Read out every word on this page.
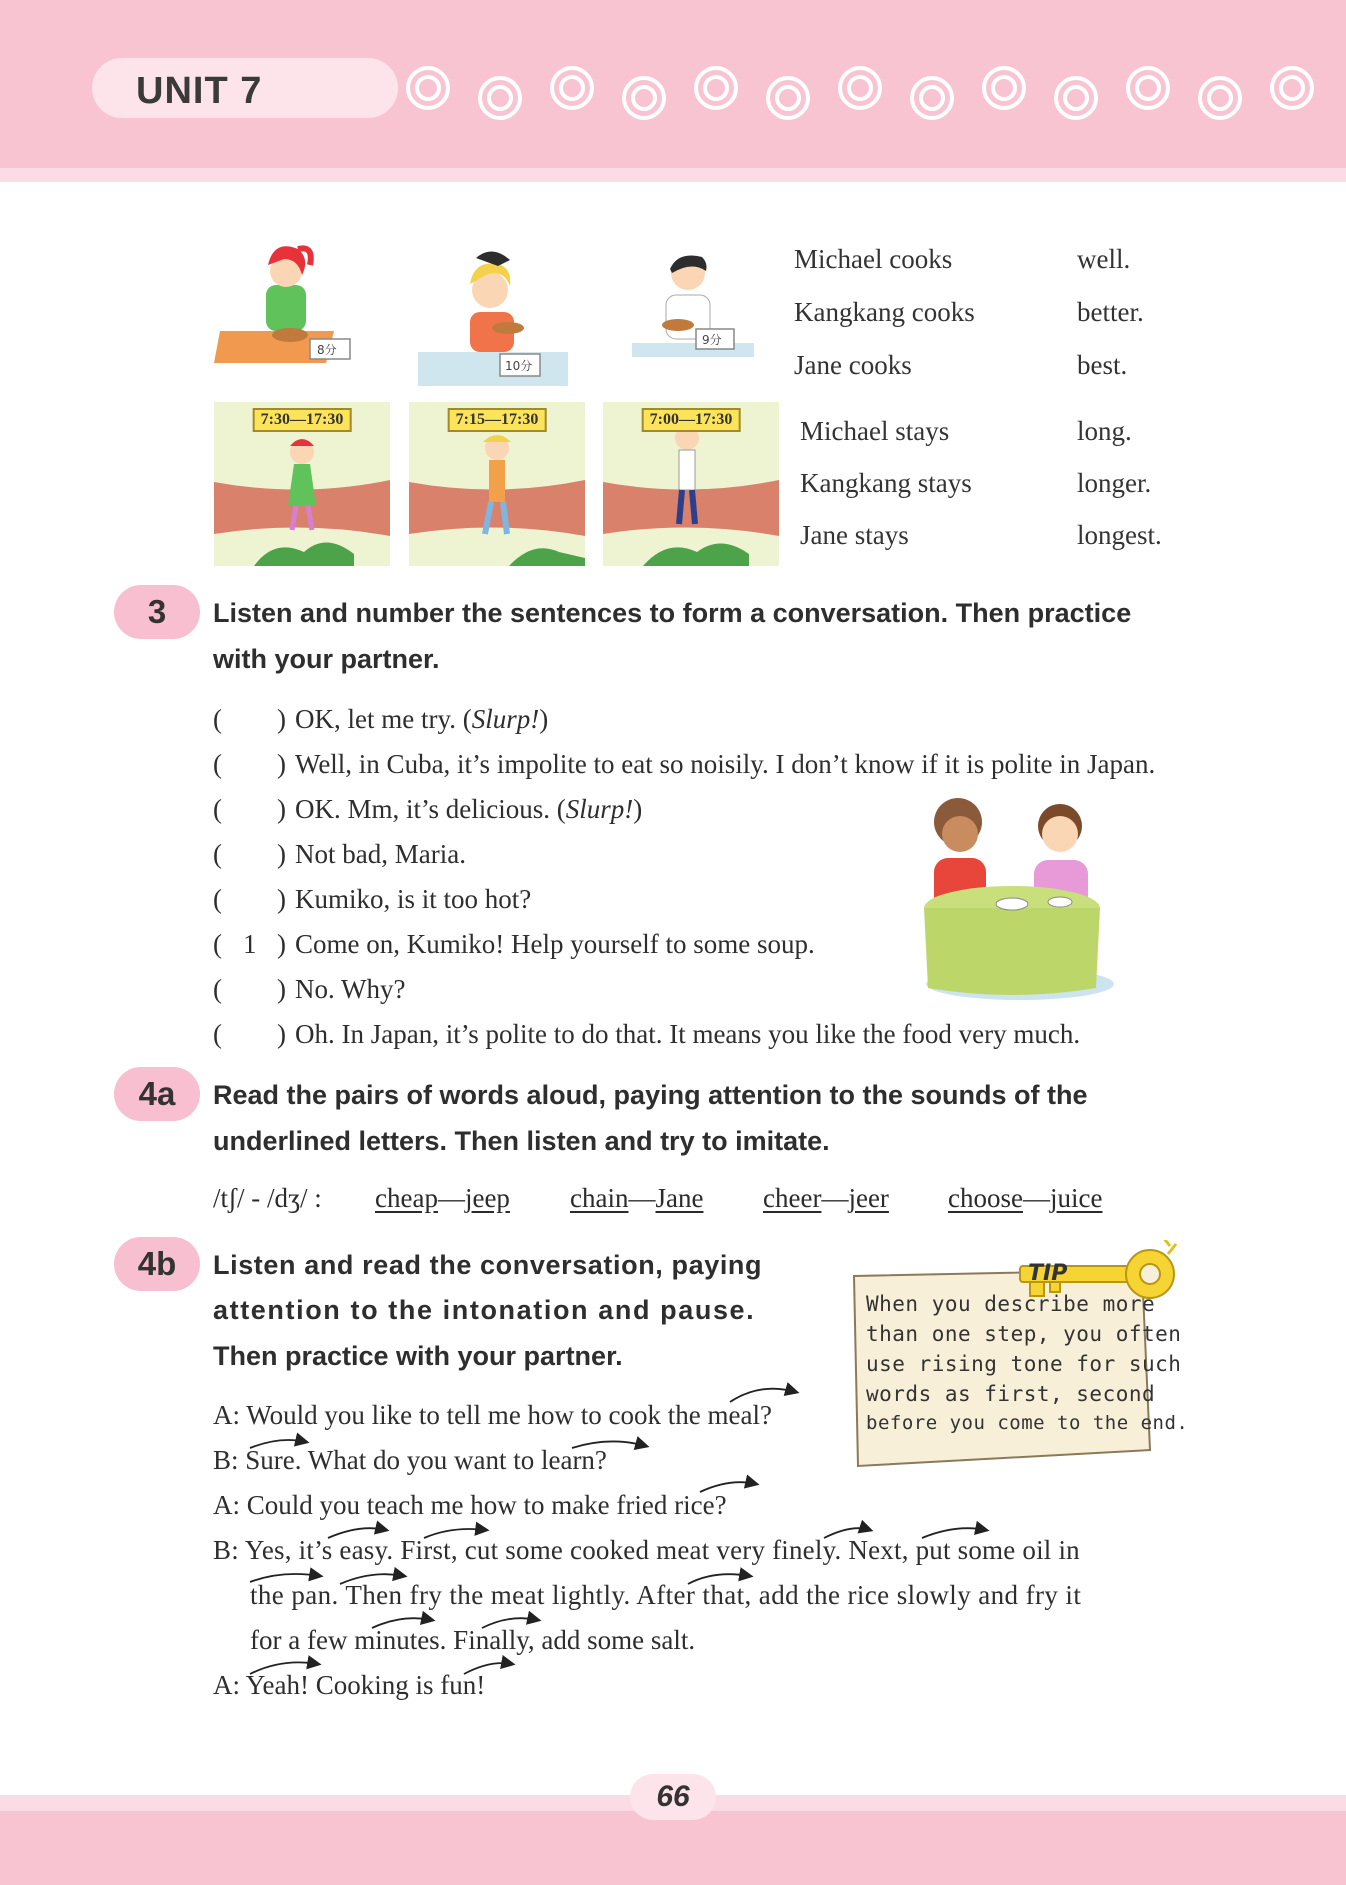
UNIT 7
8分
10分
9分
7:30—17:30	7:15—17:30	7:00—17:30
Michael cooks	well.
Kangkang cooks	better.
Jane cooks	best.
Michael stays	long.
Kangkang stays	longer.
Jane stays	longest.
3	Listen and number the sentences to form a conversation. Then practice
with your partner.
( ) OK, let me try. (Slurp!)
( ) Well, in Cuba, it’s impolite to eat so noisily. I don’t know if it is polite in Japan.
( ) OK. Mm, it’s delicious. (Slurp!)
( ) Not bad, Maria.
( ) Kumiko, is it too hot?
( 1 ) Come on, Kumiko! Help yourself to some soup.
( ) No. Why?
( ) Oh. In Japan, it’s polite to do that. It means you like the food very much.
4a	Read the pairs of words aloud, paying attention to the sounds of the
underlined letters. Then listen and try to imitate.
/tʃ/ - /dʒ/ : cheap—jeep chain—Jane cheer—jeer choose—juice
4b	Listen and read the conversation, paying
attention to the intonation and pause.
Then practice with your partner.
TIP
When you describe more
than one step, you often
use rising tone for such
words as first, second
before you come to the end.
A: Would you like to tell me how to cook the meal?
B: Sure. What do you want to learn?
A: Could you teach me how to make fried rice?
B: Yes, it’s easy. First, cut some cooked meat very finely. Next, put some oil in
the pan. Then fry the meat lightly. After that, add the rice slowly and fry it
for a few minutes. Finally, add some salt.
A: Yeah! Cooking is fun!
66
